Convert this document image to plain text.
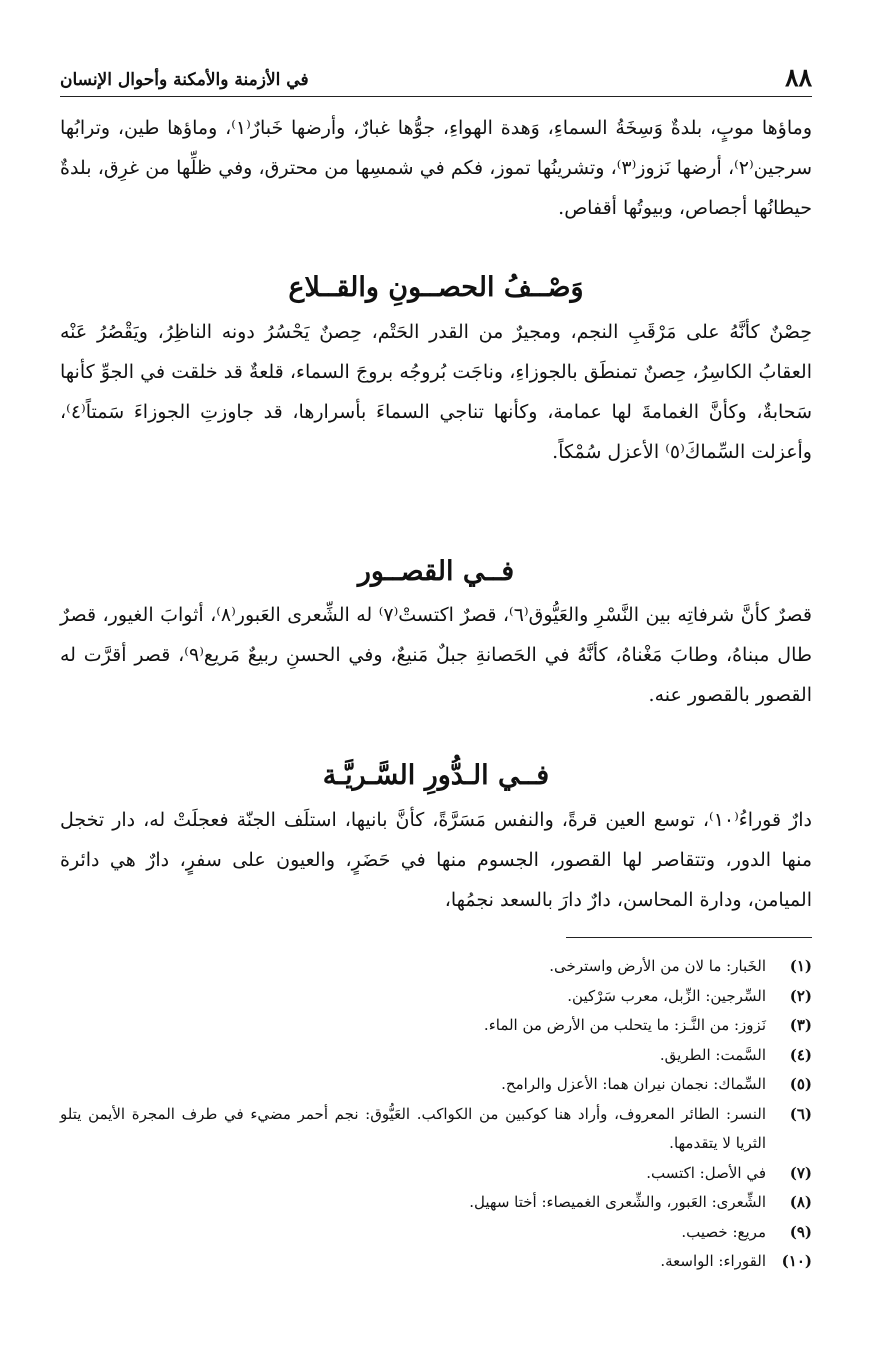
٨٨
في الأزمنة والأمكنة وأحوال الإنسان

وماؤها موبٍ، بلدةٌ وَسِخَةُ السماءِ، وَهدة الهواءِ، جوُّها غبارٌ، وأرضها خَبارٌ⁽١⁾، وماؤها طين، وترابُها سرجين⁽٢⁾، أرضها نَزوز⁽٣⁾، وتشرينُها تموز، فكم في شمسِها من محترق، وفي ظلِّها من غرِق، بلدةٌ حيطانُها أجصاص، وبيوتُها أقفاص.

وَصْــفُ الحصــونِ والقــلاع

حِصْنٌ كأنَّهُ على مَرْقَبِ النجم، ومجيرٌ من القدر الحَتْم، حِصنٌ يَحْسُرُ دونه الناظِرُ، ويَقْصُرُ عَنْه العقابُ الكاسِرُ، حِصنٌ تمنطَق بالجوزاءِ، وناجَت بُروجُه بروجَ السماء، قلعةٌ قد خلقت في الجوِّ كأنها سَحابةٌ، وكأنَّ الغمامةَ لها عمامة، وكأنها تناجي السماءَ بأسرارها، قد جاوزتِ الجوزاءَ سَمتاً⁽٤⁾، وأعزلت السِّماكَ⁽٥⁾ الأعزل سُمْكاً.

فــي القصــور

قصرٌ كأنَّ شرفاتِه بين النَّسْرِ والعَيُّوق⁽٦⁾، قصرٌ اكتستْ⁽٧⁾ له الشِّعرى العَبور⁽٨⁾، أثوابَ الغيور، قصرٌ طال مبناهُ، وطابَ مَغْناهُ، كأنَّهُ في الحَصانةِ جبلٌ مَنيعٌ، وفي الحسنِ ربيعٌ مَريع⁽٩⁾، قصر أقرَّت له القصور بالقصور عنه.

فــي الـدُّورِ السَّـريَّـة

دارٌ قوراءُ⁽١٠⁾، توسع العين قرةً، والنفس مَسَرَّةً، كأنَّ بانيها، استلَف الجنّة فعجلَتْ له، دار تخجل منها الدور، وتتقاصر لها القصور، الجسوم منها في حَضَرٍ، والعيون على سفرٍ، دارٌ هي دائرة الميامن، ودارة المحاسن، دارٌ دارَ بالسعد نجمُها،

(١)
الخَبار: ما لان من الأرض واسترخى.
(٢)
السِّرجين: الزِّبل، معرب سَرْكين.
(٣)
نَزوز: من النَّـز: ما يتحلب من الأرض من الماء.
(٤)
السَّمت: الطريق.
(٥)
السِّماك: نجمان نيران هما: الأعزل والرامح.
(٦)
النسر: الطائر المعروف، وأراد هنا كوكبين من الكواكب. العَيُّوق: نجم أحمر مضيء في طرف المجرة الأيمن يتلو الثريا لا يتقدمها.
(٧)
في الأصل: اكتسب.
(٨)
الشِّعرى: العَبور، والشِّعرى الغميصاء: أختا سهيل.
(٩)
مريع: خصيب.
(١٠)
القوراء: الواسعة.
